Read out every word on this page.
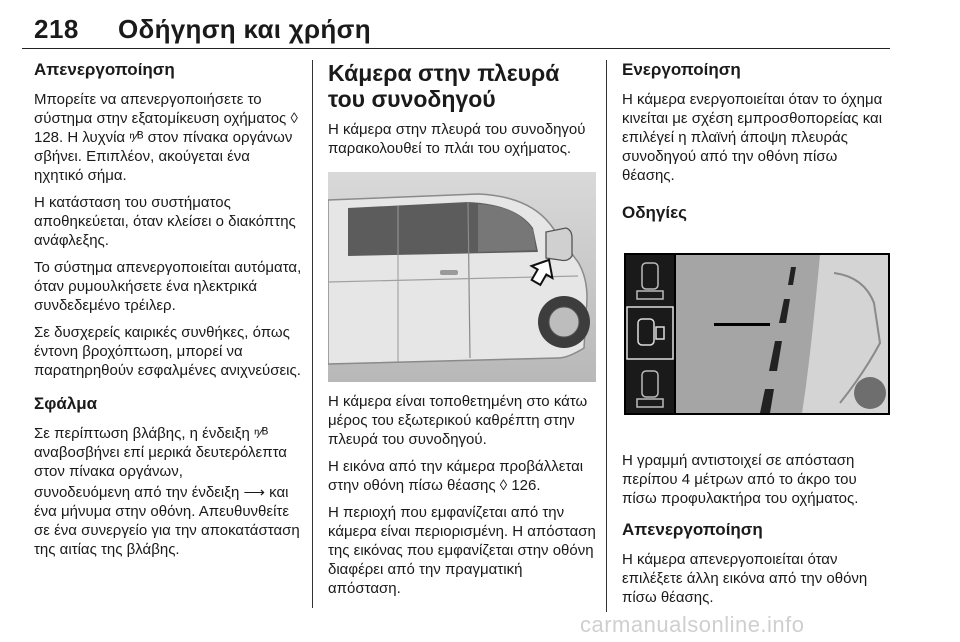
218 Οδήγηση και χρήση
Απενεργοποίηση

Μπορείτε να απενεργοποιήσετε το σύστημα στην εξατομίκευση οχήματος ◊ 128. Η λυχνία ⁿ⁄ᴮ στον πίνακα οργάνων σβήνει. Επιπλέον, ακούγεται ένα ηχητικό σήμα.

Η κατάσταση του συστήματος αποθηκεύεται, όταν κλείσει ο διακόπτης ανάφλεξης.

Το σύστημα απενεργοποιείται αυτόματα, όταν ρυμουλκήσετε ένα ηλεκτρικά συνδεδεμένο τρέιλερ.

Σε δυσχερείς καιρικές συνθήκες, όπως έντονη βροχόπτωση, μπορεί να παρατηρηθούν εσφαλμένες ανιχνεύσεις.

Σφάλμα

Σε περίπτωση βλάβης, η ένδειξη ⁿ⁄ᴮ αναβοσβήνει επί μερικά δευτερόλεπτα στον πίνακα οργάνων,

συνοδευόμενη από την ένδειξη ⟶ και ένα μήνυμα στην οθόνη. Απευθυνθείτε σε ένα συνεργείο για την αποκατάσταση της αιτίας της βλάβης.

Κάμερα στην πλευρά του συνοδηγού

Η κάμερα στην πλευρά του συνοδηγού παρακολουθεί το πλάι του οχήματος.

Η κάμερα είναι τοποθετημένη στο κάτω μέρος του εξωτερικού καθρέπτη στην πλευρά του συνοδηγού.

Η εικόνα από την κάμερα προβάλλεται στην οθόνη πίσω θέασης ◊ 126.

Η περιοχή που εμφανίζεται από την κάμερα είναι περιορισμένη. Η απόσταση της εικόνας που εμφανίζεται στην οθόνη διαφέρει από την πραγματική απόσταση.

Ενεργοποίηση

Η κάμερα ενεργοποιείται όταν το όχημα κινείται με σχέση εμπροσθοπορείας και επιλέγεί η πλαϊνή άποψη πλευράς συνοδηγού από την οθόνη πίσω θέασης.

Οδηγίες

Η γραμμή αντιστοιχεί σε απόσταση περίπου 4 μέτρων από το άκρο του πίσω προφυλακτήρα του οχήματος.

Απενεργοποίηση

Η κάμερα απενεργοποιείται όταν επιλέξετε άλλη εικόνα από την οθόνη πίσω θέασης.

carmanualsonline.info
